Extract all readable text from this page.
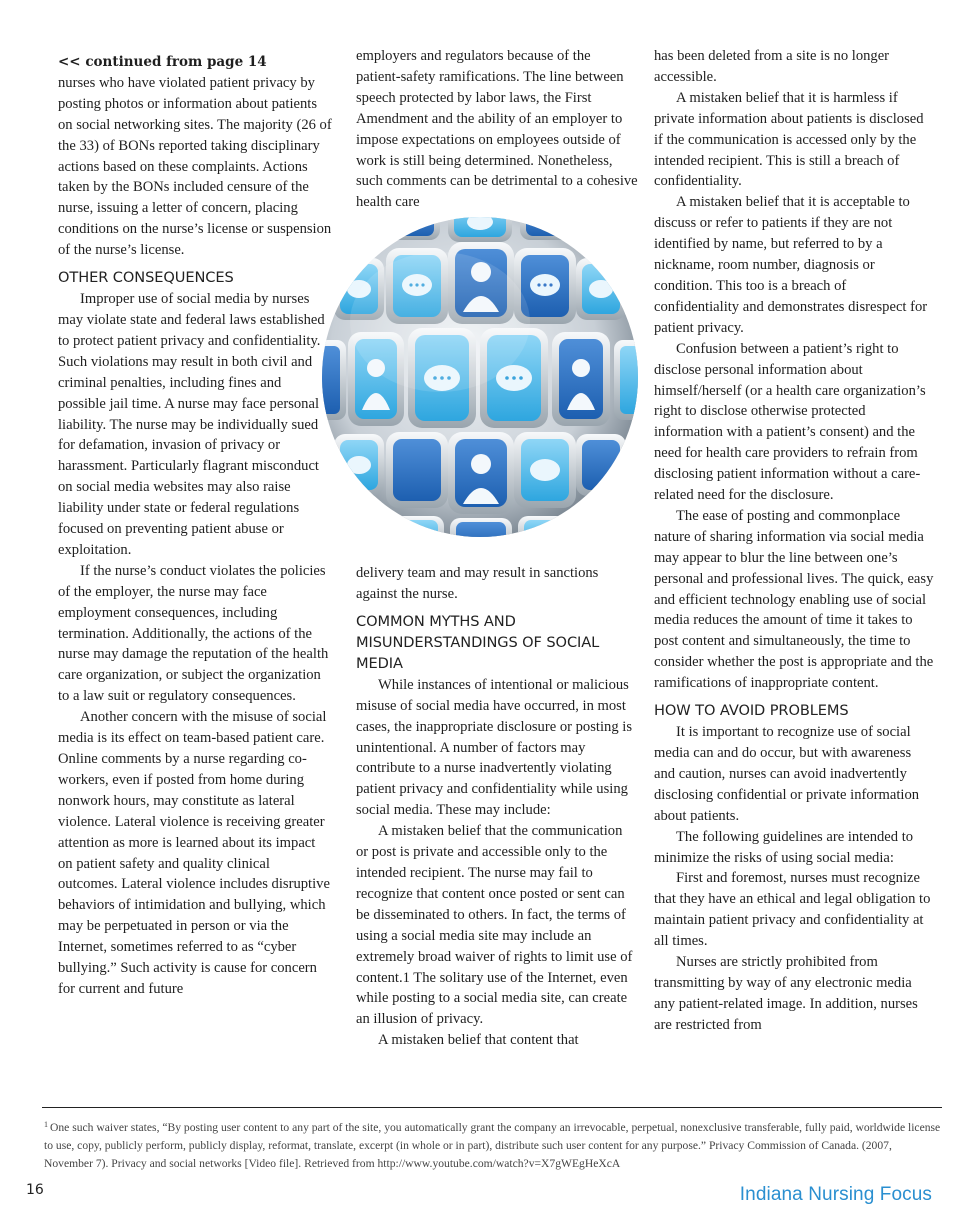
<< continued from page 14

nurses who have violated patient privacy by posting photos or information about patients on social networking sites. The majority (26 of the 33) of BONs reported taking disciplinary actions based on these complaints. Actions taken by the BONs included censure of the nurse, issuing a letter of concern, placing conditions on the nurse’s license or suspension of the nurse’s license.

OTHER CONSEQUENCES

Improper use of social media by nurses may violate state and federal laws established to protect patient privacy and confidentiality. Such violations may result in both civil and criminal penalties, including fines and possible jail time. A nurse may face personal liability. The nurse may be individually sued for defamation, invasion of privacy or harassment. Particularly flagrant misconduct on social media websites may also raise liability under state or federal regulations focused on preventing patient abuse or exploitation.

If the nurse’s conduct violates the policies of the employer, the nurse may face employment consequences, including termination. Additionally, the actions of the nurse may damage the reputation of the health care organization, or subject the organization to a law suit or regulatory consequences.

Another concern with the misuse of social media is its effect on team-based patient care. Online comments by a nurse regarding co-workers, even if posted from home during nonwork hours, may constitute as lateral violence. Lateral violence is receiving greater attention as more is learned about its impact on patient safety and quality clinical outcomes. Lateral violence includes disruptive behaviors of intimidation and bullying, which may be perpetuated in person or via the Internet, sometimes referred to as “cyber bullying.” Such activity is cause for concern for current and future

employers and regulators because of the patient-safety ramifications. The line between speech protected by labor laws, the First Amendment and the ability of an employer to impose expectations on employees outside of work is still being determined. Nonetheless, such comments can be detrimental to a cohesive health care

delivery team and may result in sanctions against the nurse.

COMMON MYTHS AND MISUNDERSTANDINGS OF SOCIAL MEDIA

While instances of intentional or malicious misuse of social media have occurred, in most cases, the inappropriate disclosure or posting is unintentional. A number of factors may contribute to a nurse inadvertently violating patient privacy and confidentiality while using social media. These may include:

A mistaken belief that the communication or post is private and accessible only to the intended recipient. The nurse may fail to recognize that content once posted or sent can be disseminated to others. In fact, the terms of using a social media site may include an extremely broad waiver of rights to limit use of content.1 The solitary use of the Internet, even while posting to a social media site, can create an illusion of privacy.

A mistaken belief that content that

has been deleted from a site is no longer accessible.

A mistaken belief that it is harmless if private information about patients is disclosed if the communication is accessed only by the intended recipient. This is still a breach of confidentiality.

A mistaken belief that it is acceptable to discuss or refer to patients if they are not identified by name, but referred to by a nickname, room number, diagnosis or condition. This too is a breach of confidentiality and demonstrates disrespect for patient privacy.

Confusion between a patient’s right to disclose personal information about himself/herself (or a health care organization’s right to disclose otherwise protected information with a patient’s consent) and the need for health care providers to refrain from disclosing patient information without a care-related need for the disclosure.

The ease of posting and commonplace nature of sharing information via social media may appear to blur the line between one’s personal and professional lives. The quick, easy and efficient technology enabling use of social media reduces the amount of time it takes to post content and simultaneously, the time to consider whether the post is appropriate and the ramifications of inappropriate content.

HOW TO AVOID PROBLEMS

It is important to recognize use of social media can and do occur, but with awareness and caution, nurses can avoid inadvertently disclosing confidential or private information about patients.

The following guidelines are intended to minimize the risks of using social media:

First and foremost, nurses must recognize that they have an ethical and legal obligation to maintain patient privacy and confidentiality at all times.

Nurses are strictly prohibited from transmitting by way of any electronic media any patient-related image. In addition, nurses are restricted from

$^1$ One such waiver states, “By posting user content to any part of the site, you automatically grant the company an irrevocable, perpetual, nonexclusive transferable, fully paid, worldwide license to use, copy, publicly perform, publicly display, reformat, translate, excerpt (in whole or in part), distribute such user content for any purpose.” Privacy Commission of Canada. (2007, November 7). Privacy and social networks [Video file]. Retrieved from http://www.youtube.com/watch?v=X7gWEgHeXcA
16	Indiana Nursing Focus
